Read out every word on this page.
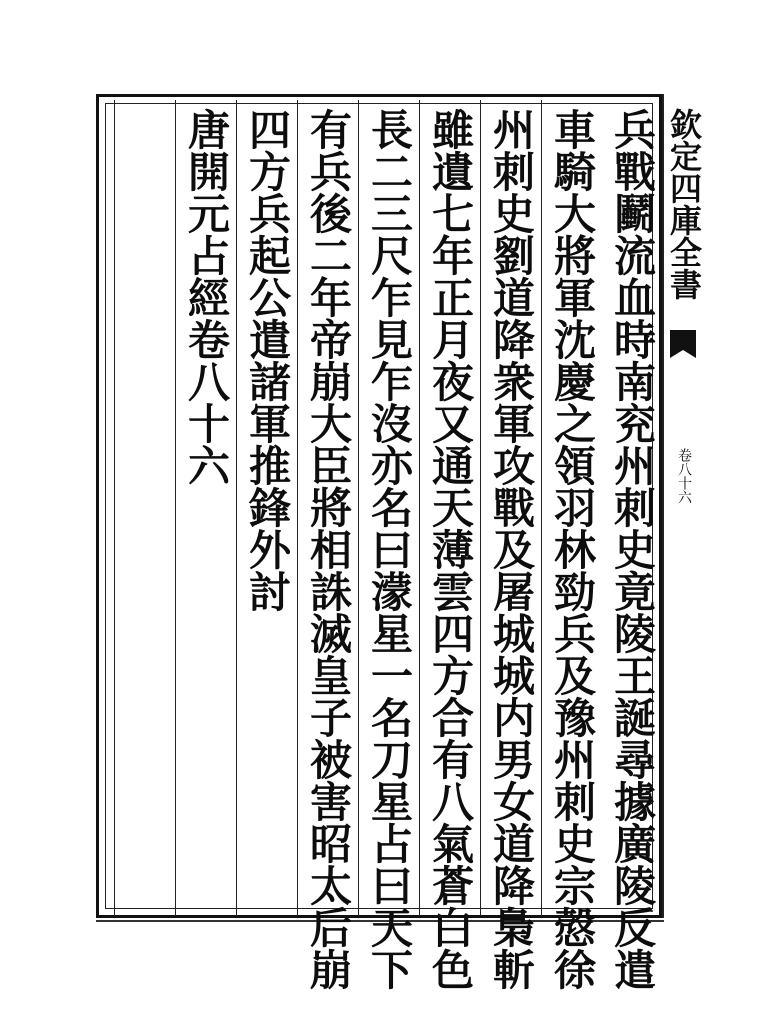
欽定四庫全書
卷八十六
兵戰鬬流血時南兖州刺史竟陵王誕尋據廣陵反遣
車騎大將軍沈慶之領羽林勁兵及豫州刺史宗慤徐
州刺史劉道降衆軍攻戰及屠城城内男女道降梟斬
雖遺七年正月夜又通天薄雲四方合有八氣蒼白色
長二三尺乍見乍沒亦名曰濛星一名刀星占曰天下
有兵後二年帝崩大臣將相誅滅皇子被害昭太后崩
四方兵起公遣諸軍推鋒外討
唐開元占經卷八十六
